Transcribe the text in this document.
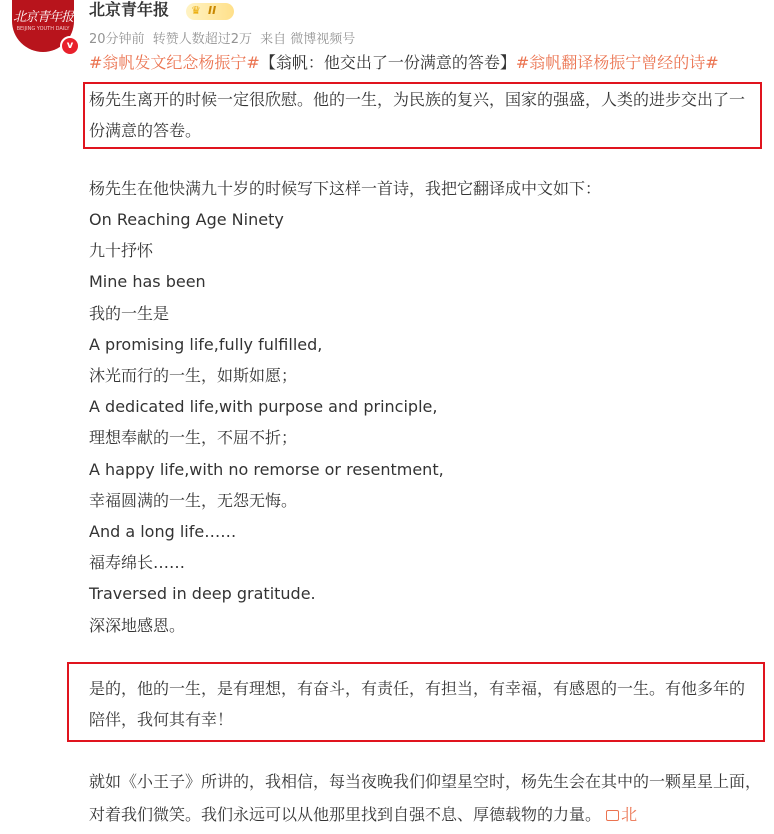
北京青年报
BEIJING YOUTH DAILY
v
北京青年报 ♛ II
20分钟前 转赞人数超过2万 来自 微博视频号
#翁帆发文纪念杨振宁#【翁帆：他交出了一份满意的答卷】#翁帆翻译杨振宁曾经的诗#

杨先生离开的时候一定很欣慰。他的一生，为民族的复兴，国家的强盛，人类的进步交出了一份满意的答卷。

杨先生在他快满九十岁的时候写下这样一首诗，我把它翻译成中文如下：

On Reaching Age Ninety
九十抒怀
Mine has been
我的一生是
A promising life,fully fulfilled,
沐光而行的一生，如斯如愿；
A dedicated life,with purpose and principle,
理想奉献的一生，不屈不折；
A happy life,with no remorse or resentment,
幸福圆满的一生，无怨无悔。
And a long life……
福寿绵长……
Traversed in deep gratitude.
深深地感恩。

是的，他的一生，是有理想，有奋斗，有责任，有担当，有幸福，有感恩的一生。有他多年的陪伴，我何其有幸！

就如《小王子》所讲的，我相信，每当夜晚我们仰望星空时，杨先生会在其中的一颗星星上面，对着我们微笑。我们永远可以从他那里找到自强不息、厚德载物的力量。 北
